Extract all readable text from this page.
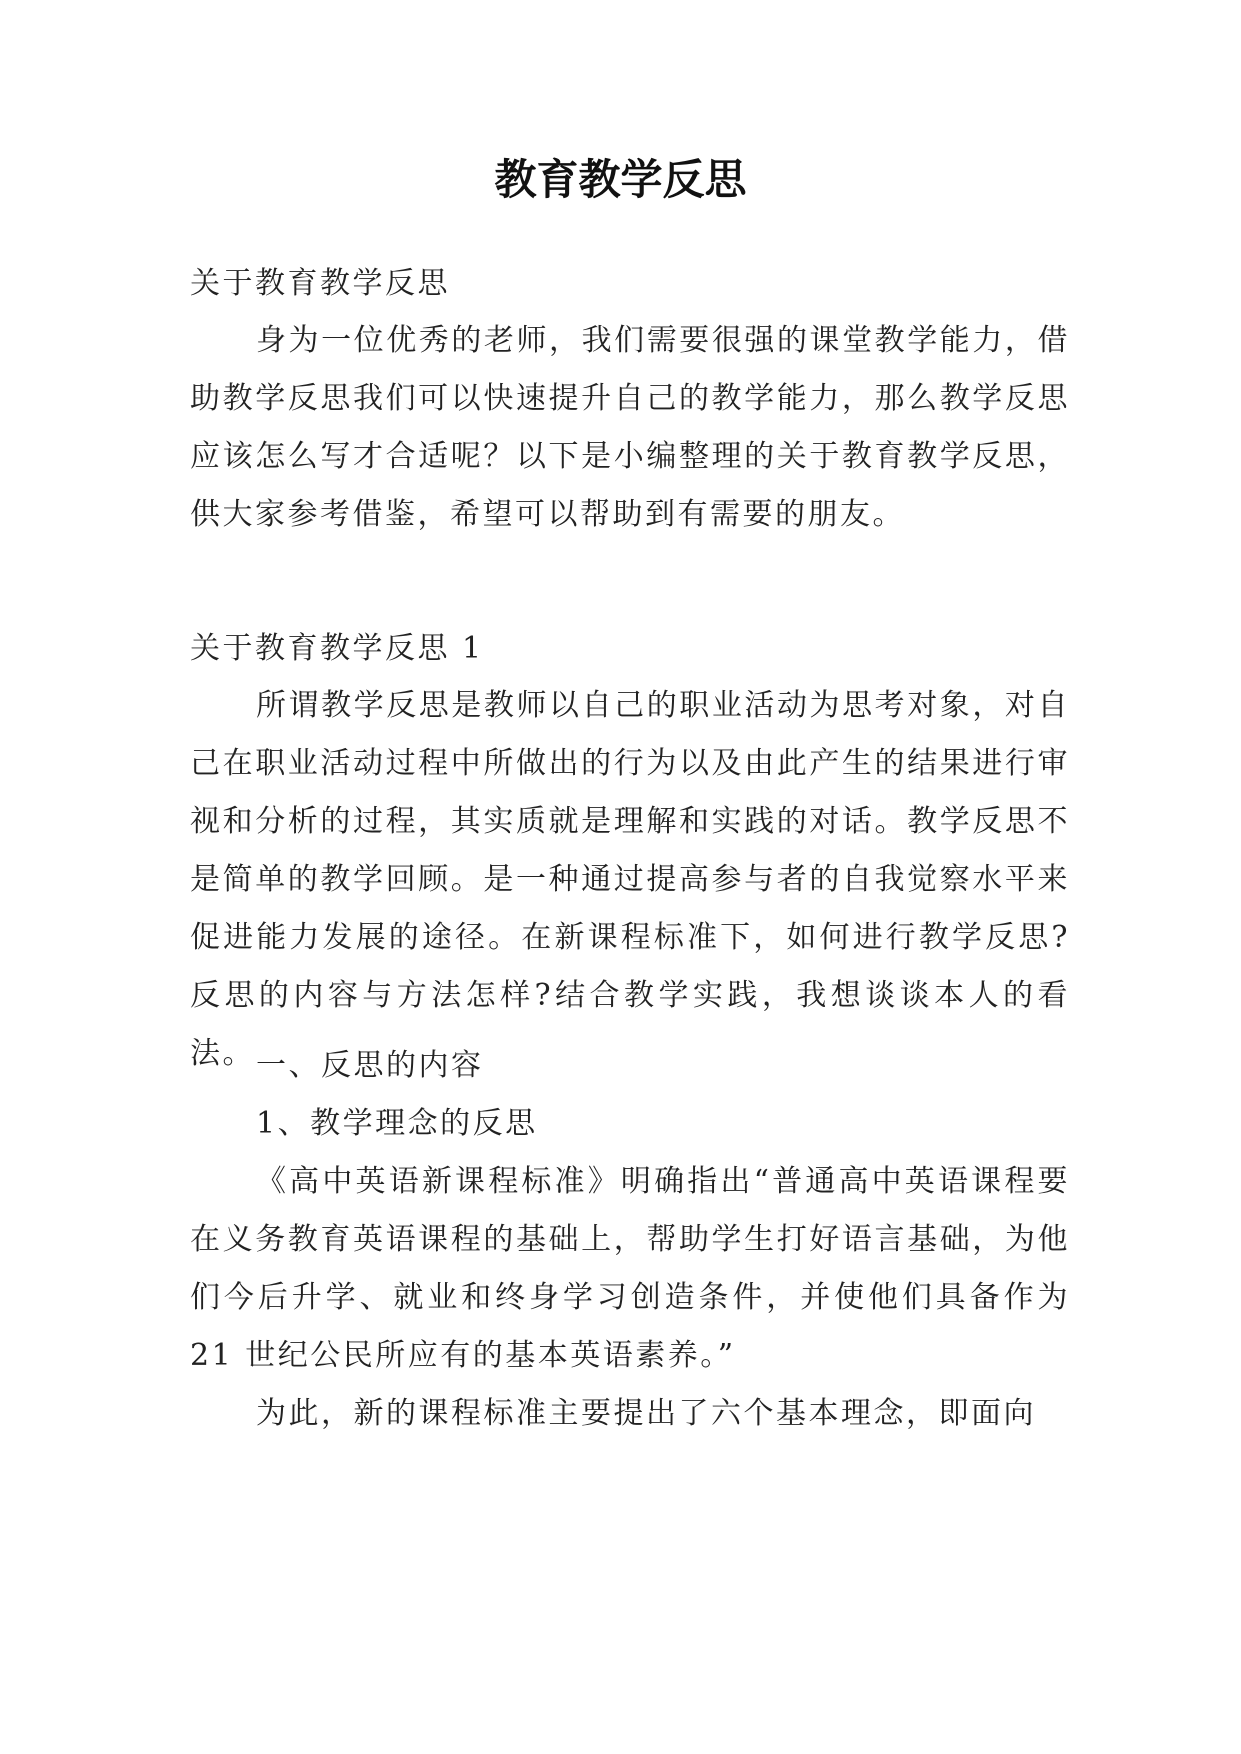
教育教学反思

关于教育教学反思

身为一位优秀的老师，我们需要很强的课堂教学能力，借助教学反思我们可以快速提升自己的教学能力，那么教学反思应该怎么写才合适呢？以下是小编整理的关于教育教学反思，供大家参考借鉴，希望可以帮助到有需要的朋友。

关于教育教学反思 1

所谓教学反思是教师以自己的职业活动为思考对象，对自己在职业活动过程中所做出的行为以及由此产生的结果进行审视和分析的过程，其实质就是理解和实践的对话。教学反思不是简单的教学回顾。是一种通过提高参与者的自我觉察水平来促进能力发展的途径。在新课程标准下，如何进行教学反思?反思的内容与方法怎样?结合教学实践，我想谈谈本人的看法。 一、反思的内容

1、教学理念的反思

《高中英语新课程标准》明确指出“普通高中英语课程要在义务教育英语课程的基础上，帮助学生打好语言基础，为他们今后升学、就业和终身学习创造条件，并使他们具备作为 21 世纪公民所应有的基本英语素养。”

为此，新的课程标准主要提出了六个基本理念，即面向
